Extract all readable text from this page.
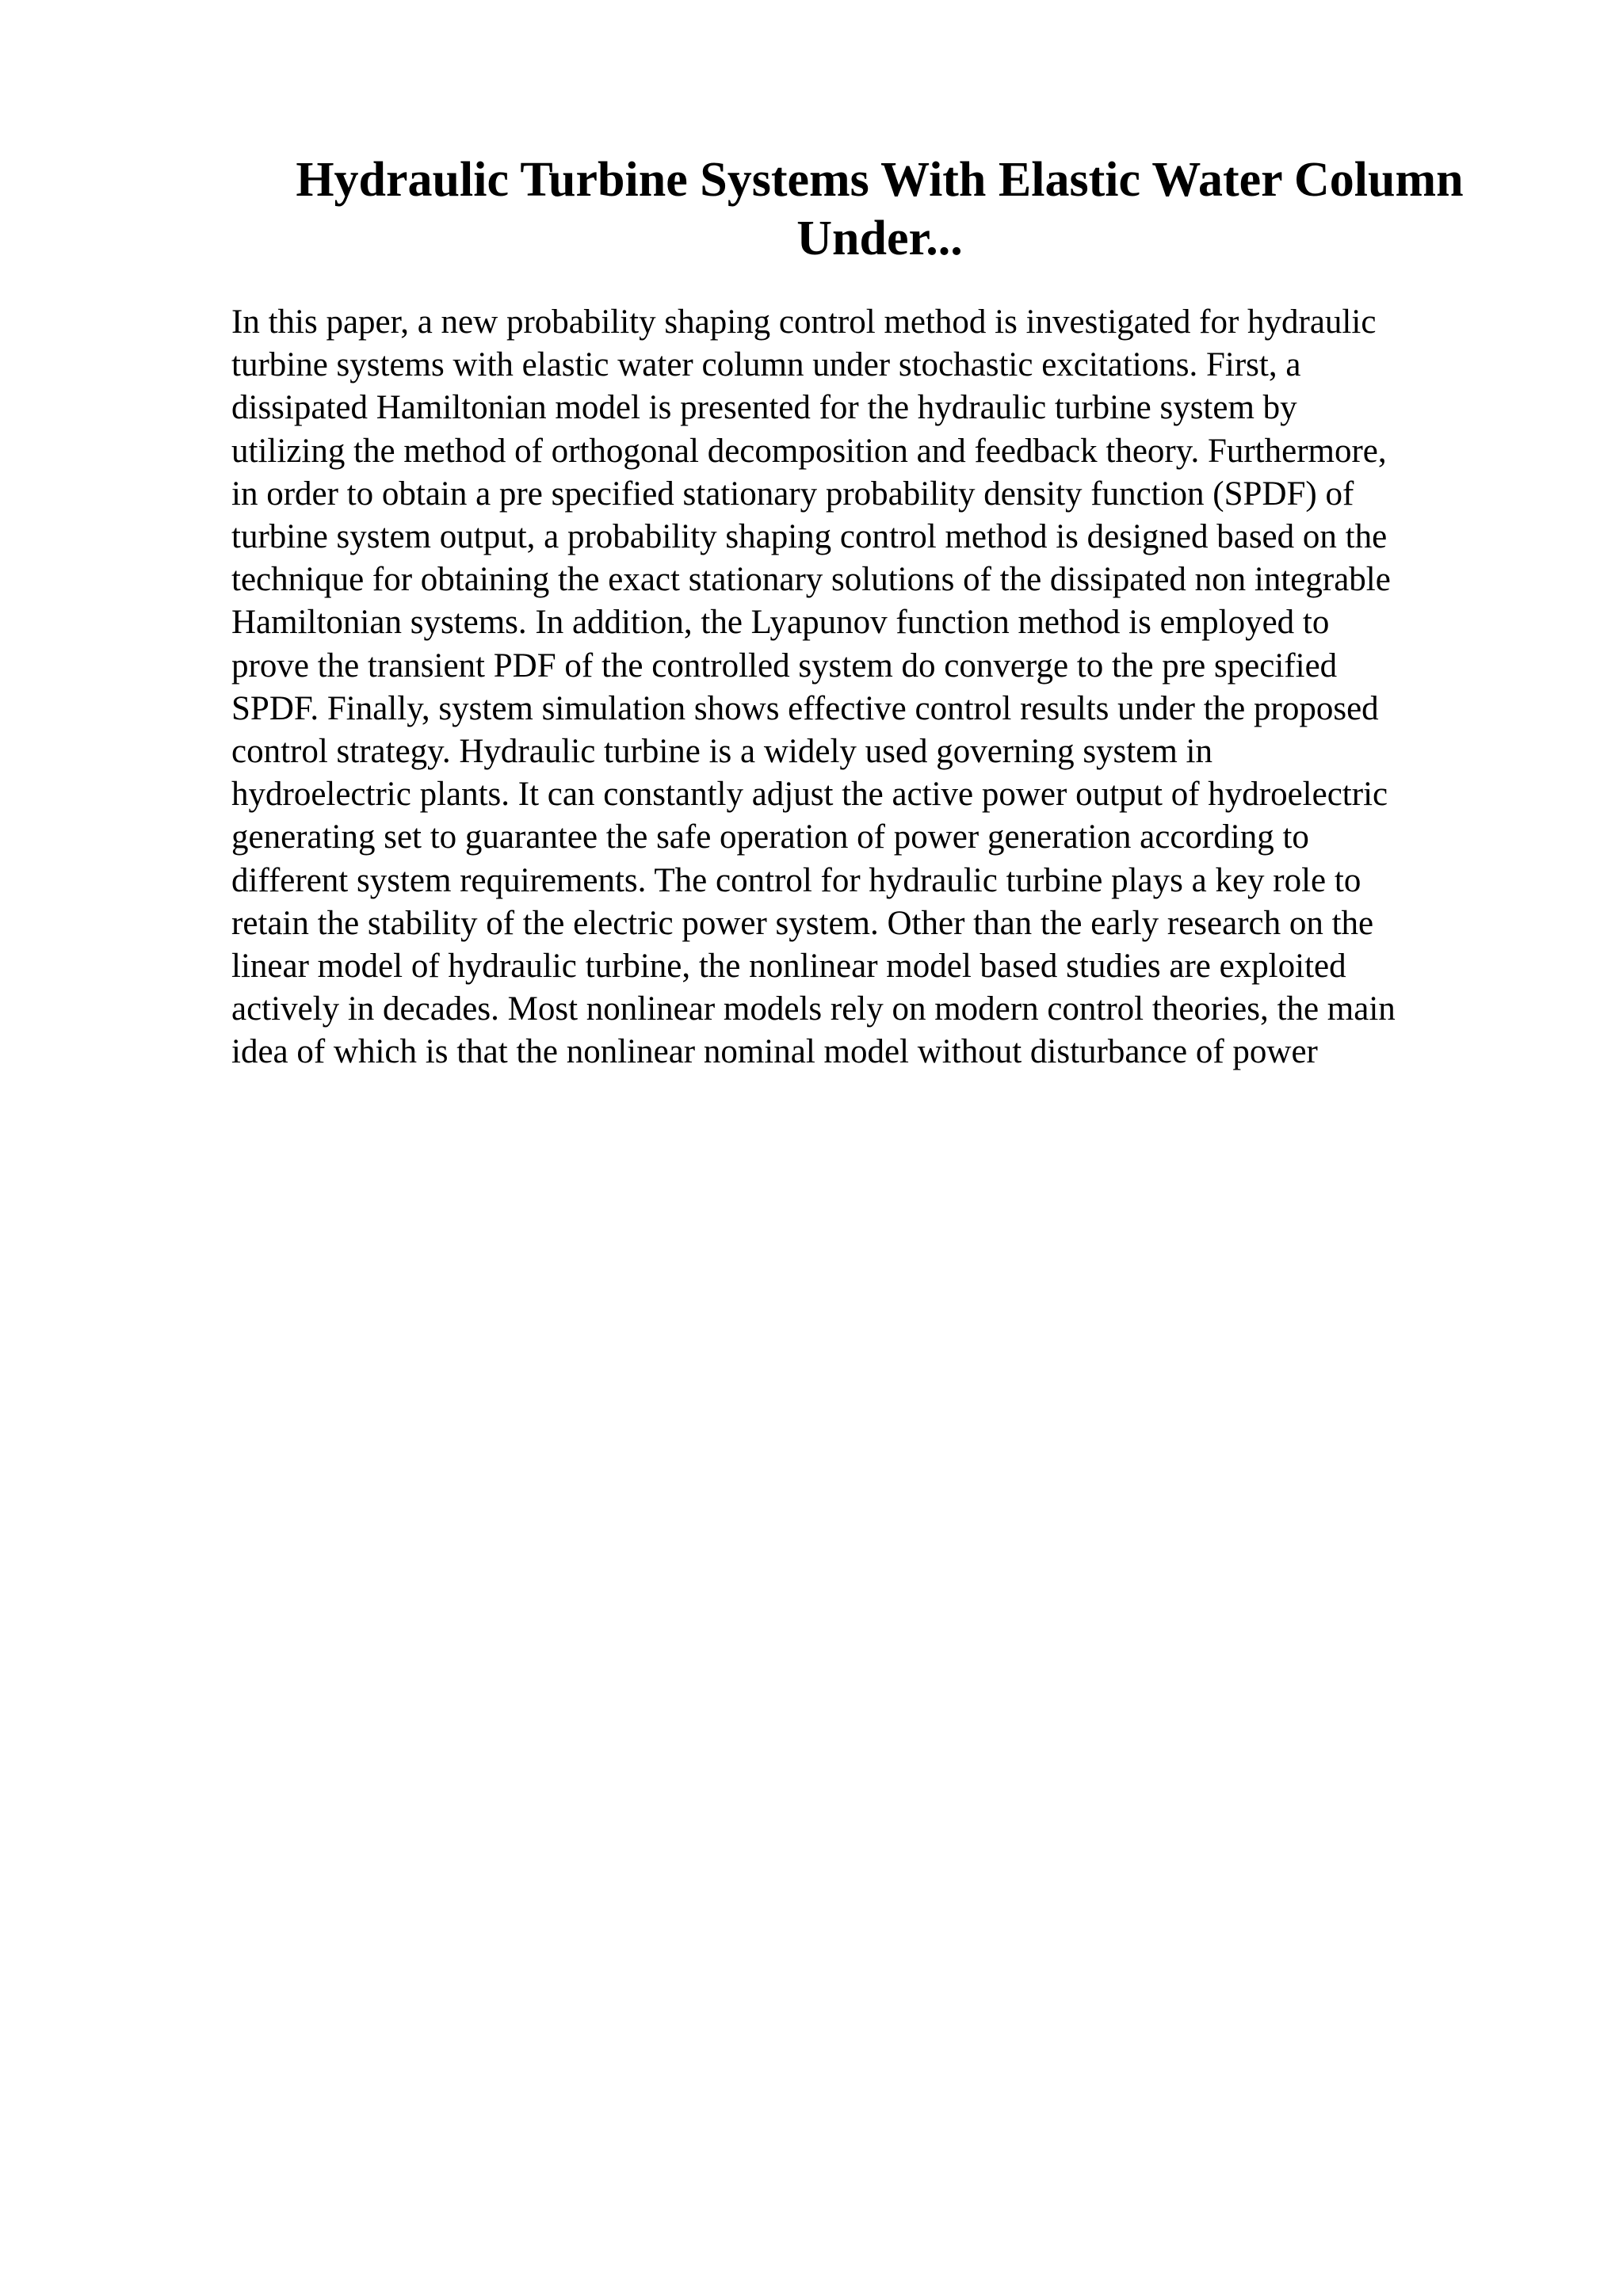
Hydraulic Turbine Systems With Elastic Water Column
Under...
In this paper, a new probability shaping control method is investigated for hydraulic
turbine systems with elastic water column under stochastic excitations. First, a
dissipated Hamiltonian model is presented for the hydraulic turbine system by
utilizing the method of orthogonal decomposition and feedback theory. Furthermore,
in order to obtain a pre specified stationary probability density function (SPDF) of
turbine system output, a probability shaping control method is designed based on the
technique for obtaining the exact stationary solutions of the dissipated non integrable
Hamiltonian systems. In addition, the Lyapunov function method is employed to
prove the transient PDF of the controlled system do converge to the pre specified
SPDF. Finally, system simulation shows effective control results under the proposed
control strategy. Hydraulic turbine is a widely used governing system in
hydroelectric plants. It can constantly adjust the active power output of hydroelectric
generating set to guarantee the safe operation of power generation according to
different system requirements. The control for hydraulic turbine plays a key role to
retain the stability of the electric power system. Other than the early research on the
linear model of hydraulic turbine, the nonlinear model based studies are exploited
actively in decades. Most nonlinear models rely on modern control theories, the main
idea of which is that the nonlinear nominal model without disturbance of power
